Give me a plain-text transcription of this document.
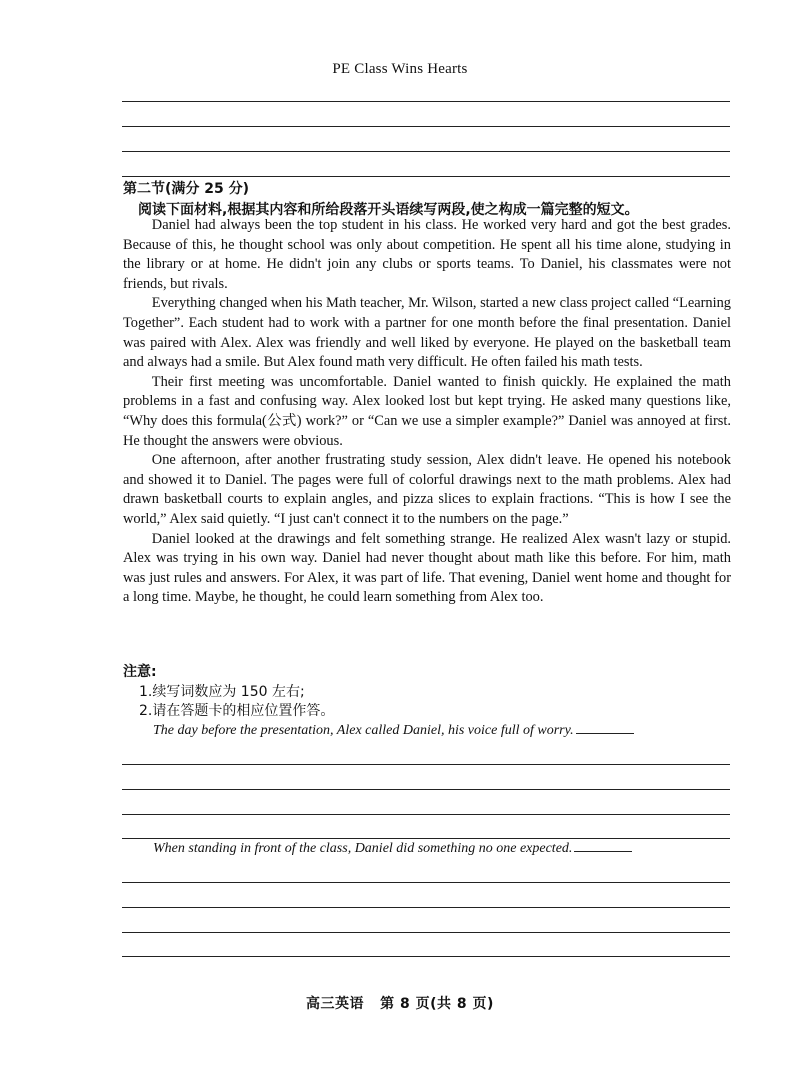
PE Class Wins Hearts
第二节(满分 25 分)
阅读下面材料,根据其内容和所给段落开头语续写两段,使之构成一篇完整的短文。

Daniel had always been the top student in his class. He worked very hard and got the best grades. Because of this, he thought school was only about competition. He spent all his time alone, studying in the library or at home. He didn't join any clubs or sports teams. To Daniel, his classmates were not friends, but rivals.

Everything changed when his Math teacher, Mr. Wilson, started a new class project called “Learning Together”. Each student had to work with a partner for one month before the final presentation. Daniel was paired with Alex. Alex was friendly and well liked by everyone. He played on the basketball team and always had a smile. But Alex found math very difficult. He often failed his math tests.

Their first meeting was uncomfortable. Daniel wanted to finish quickly. He explained the math problems in a fast and confusing way. Alex looked lost but kept trying. He asked many questions like, “Why does this formula(公式) work?” or “Can we use a simpler example?” Daniel was annoyed at first. He thought the answers were obvious.

One afternoon, after another frustrating study session, Alex didn't leave. He opened his notebook and showed it to Daniel. The pages were full of colorful drawings next to the math problems. Alex had drawn basketball courts to explain angles, and pizza slices to explain fractions. “This is how I see the world,” Alex said quietly. “I just can't connect it to the numbers on the page.”

Daniel looked at the drawings and felt something strange. He realized Alex wasn't lazy or stupid. Alex was trying in his own way. Daniel had never thought about math like this before. For him, math was just rules and answers. For Alex, it was part of life. That evening, Daniel went home and thought for a long time. Maybe, he thought, he could learn something from Alex too.

注意:
1.续写词数应为 150 左右;
2.请在答题卡的相应位置作答。
The day before the presentation, Alex called Daniel, his voice full of worry.
When standing in front of the class, Daniel did something no one expected.
高三英语   第 8 页(共 8 页)
